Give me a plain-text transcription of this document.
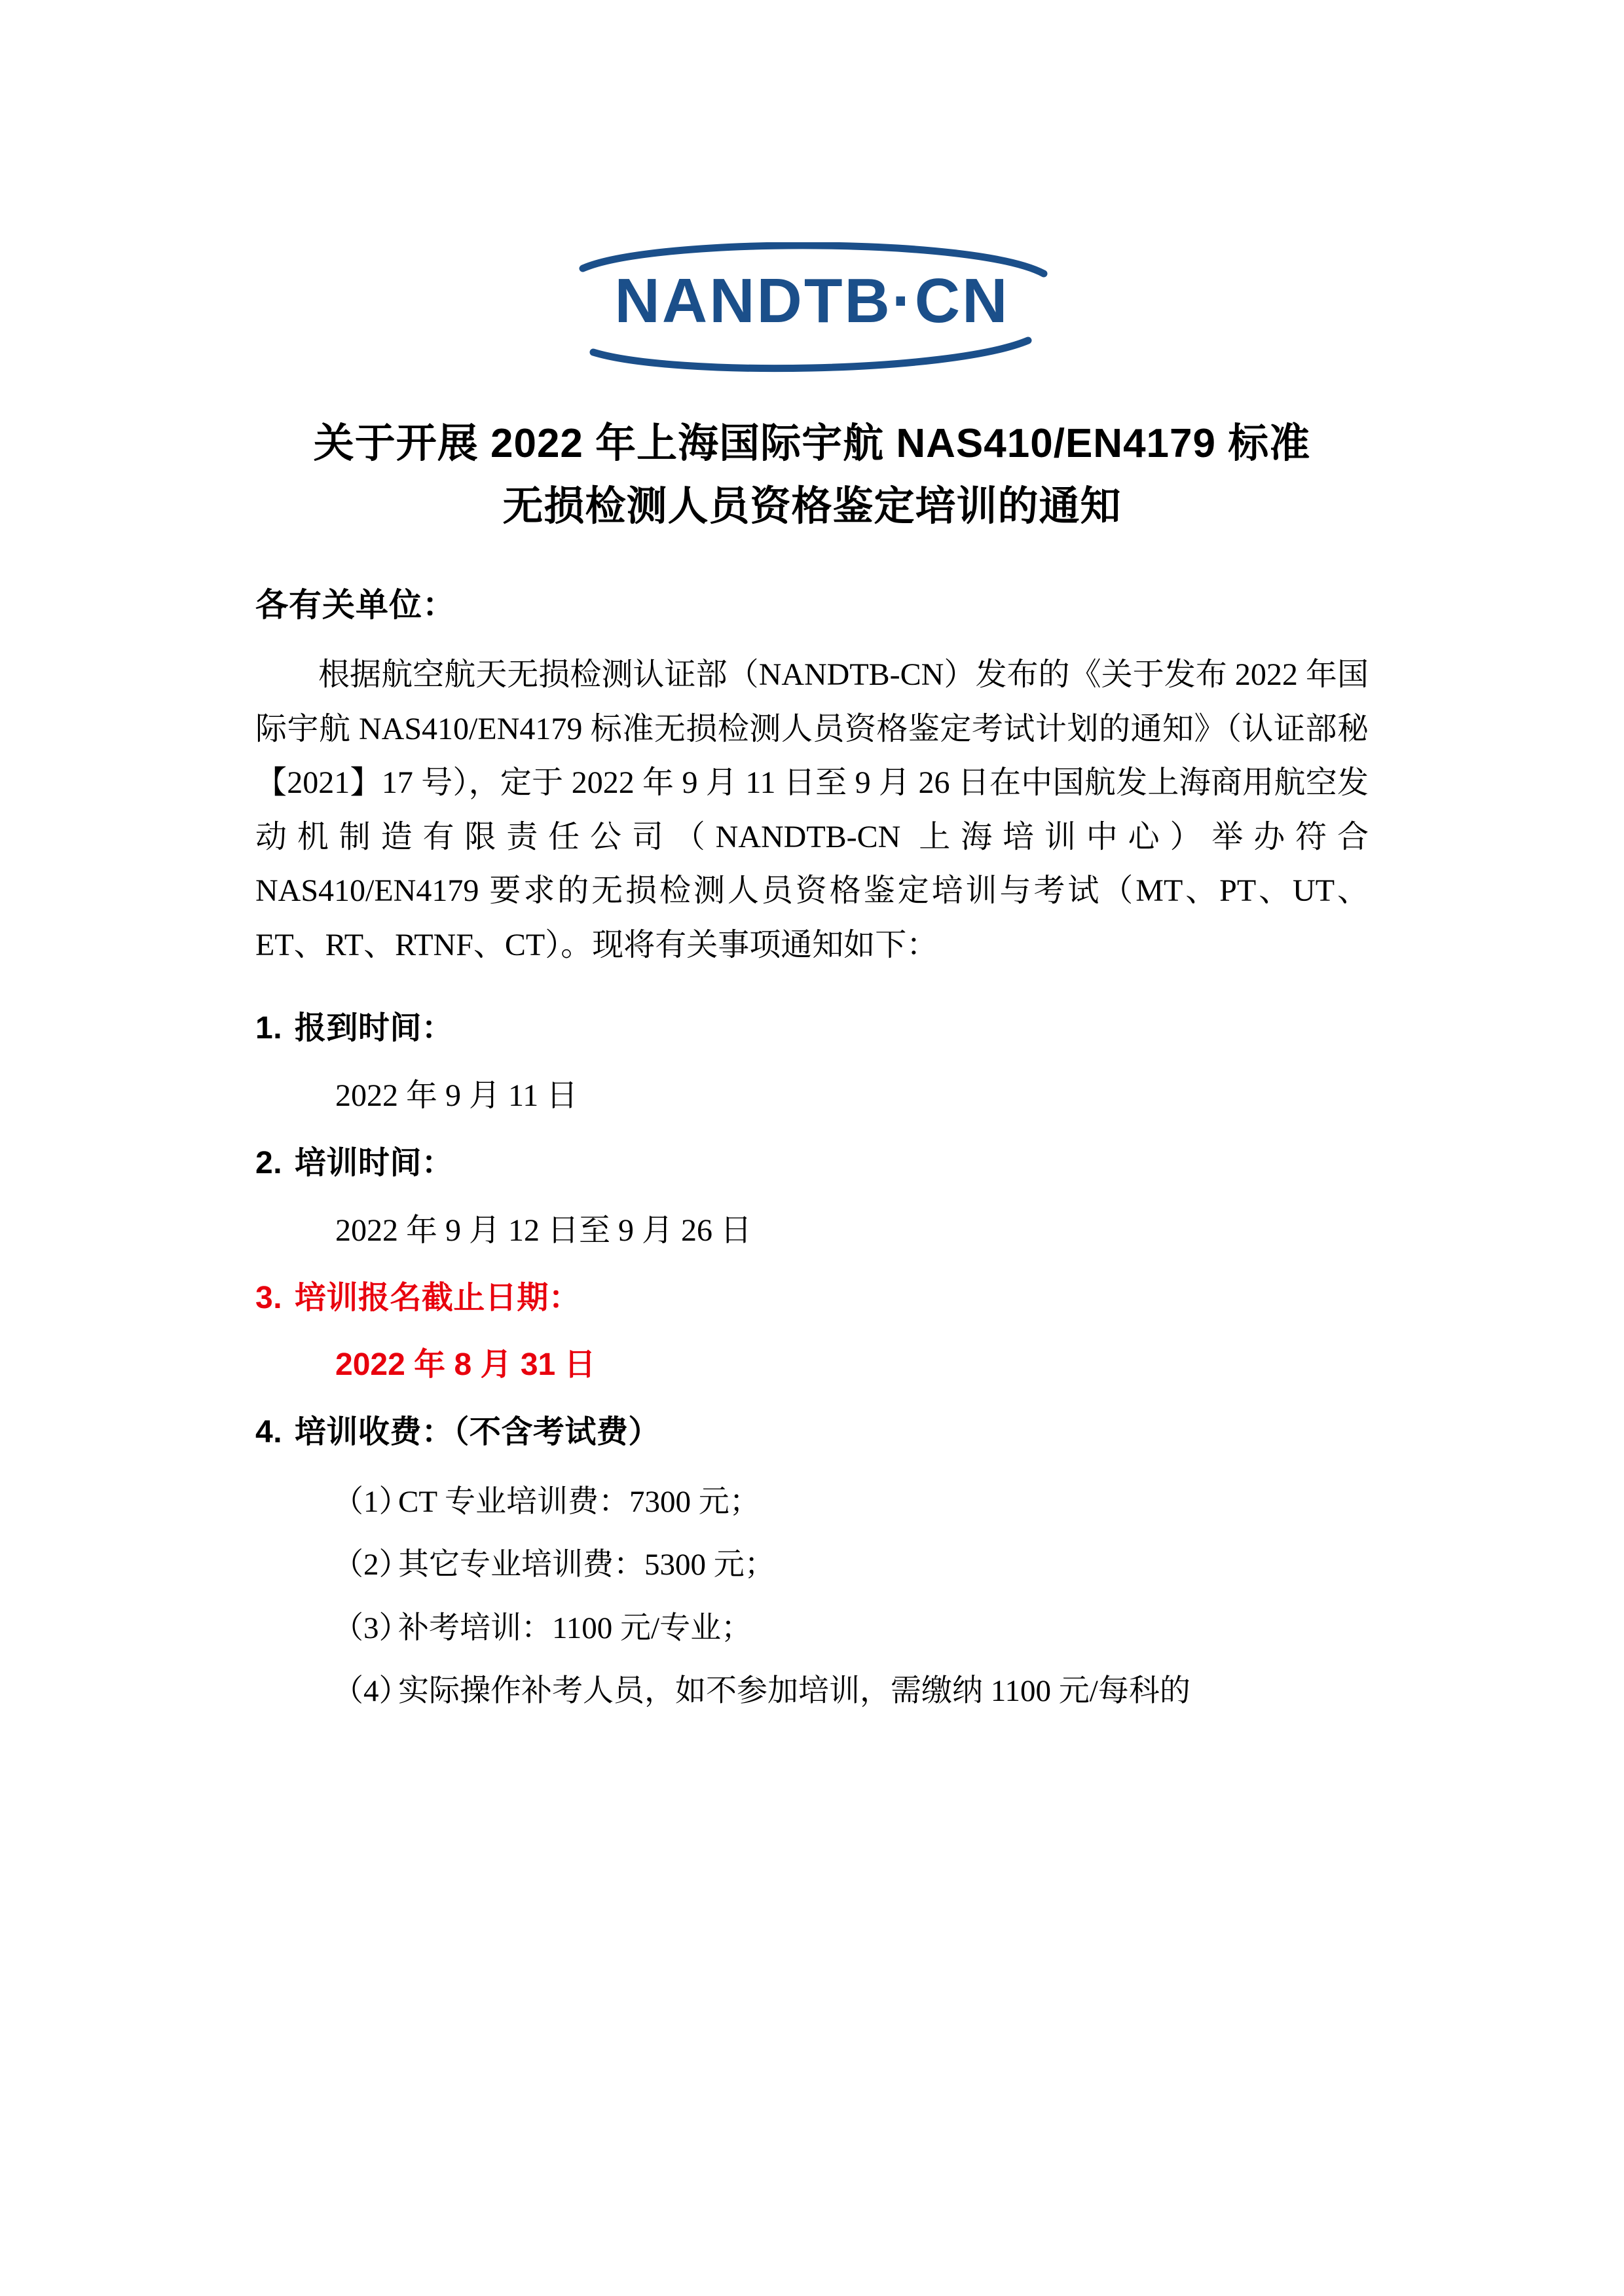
NANDTB·CN
关于开展 2022 年上海国际宇航 NAS410/EN4179 标准
无损检测人员资格鉴定培训的通知
各有关单位：

根据航空航天无损检测认证部（NANDTB-CN）发布的《关于发布 2022 年国际宇航 NAS410/EN4179 标准无损检测人员资格鉴定考试计划的通知》（认证部秘【2021】17 号），定于 2022 年 9 月 11 日至 9 月 26 日在中国航发上海商用航空发动机制造有限责任公司（NANDTB-CN 上海培训中心）举办符合 NAS410/EN4179 要求的无损检测人员资格鉴定培训与考试（MT、PT、UT、ET、RT、RTNF、CT）。现将有关事项通知如下：

1. 报到时间：
2022 年 9 月 11 日
2. 培训时间：
2022 年 9 月 12 日至 9 月 26 日
3. 培训报名截止日期：
2022 年 8 月 31 日
4. 培训收费：（不含考试费）
（1）
CT 专业培训费：7300 元；
（2）
其它专业培训费：5300 元；
（3）
补考培训：1100 元/专业；
（4）
实际操作补考人员，如不参加培训，需缴纳 1100 元/每科的
